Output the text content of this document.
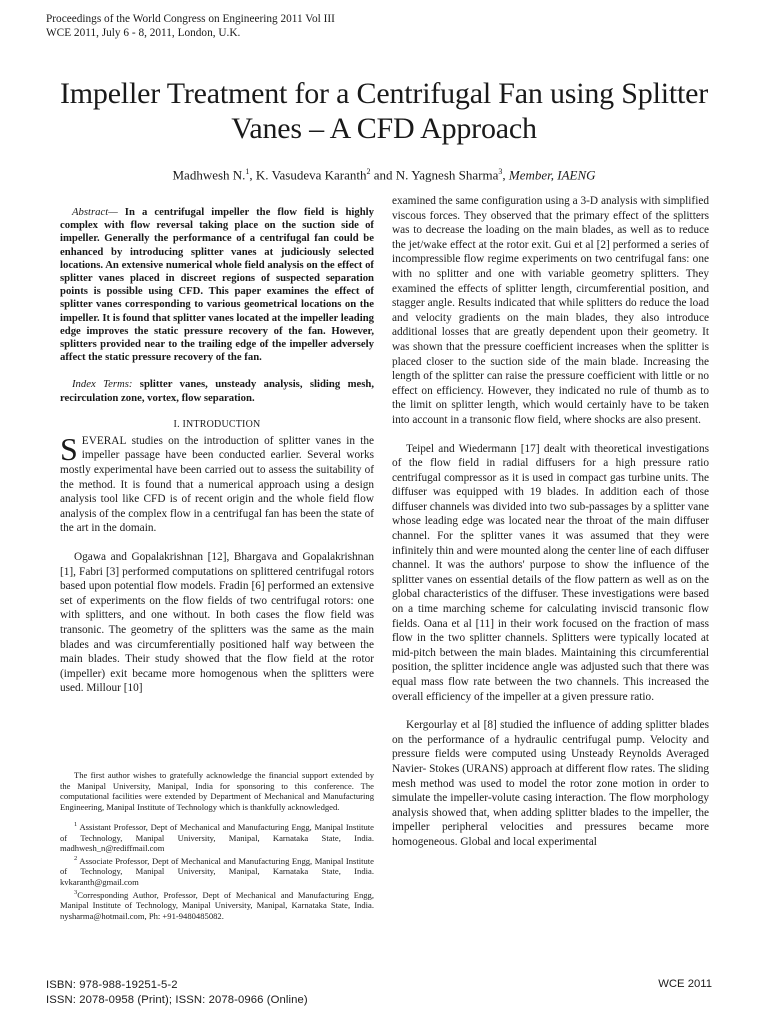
Proceedings of the World Congress on Engineering 2011 Vol III
WCE 2011, July 6 - 8, 2011, London, U.K.
Impeller Treatment for a Centrifugal Fan using Splitter Vanes – A CFD Approach
Madhwesh N.$^1$, K. Vasudeva Karanth$^2$ and N. Yagnesh Sharma$^3$, Member, IAENG

Abstract— In a centrifugal impeller the flow field is highly complex with flow reversal taking place on the suction side of impeller. Generally the performance of a centrifugal fan could be enhanced by introducing splitter vanes at judiciously selected locations. An extensive numerical whole field analysis on the effect of splitter vanes placed in discreet regions of suspected separation points is possible using CFD. This paper examines the effect of splitter vanes corresponding to various geometrical locations on the impeller. It is found that splitter vanes located at the impeller leading edge improves the static pressure recovery of the fan. However, splitters provided near to the trailing edge of the impeller adversely affect the static pressure recovery of the fan.

Index Terms: splitter vanes, unsteady analysis, sliding mesh, recirculation zone, vortex, flow separation.

I. INTRODUCTION

SEVERAL studies on the introduction of splitter vanes in the impeller passage have been conducted earlier. Several works mostly experimental have been carried out to assess the suitability of the method. It is found that a numerical approach using a design analysis tool like CFD is of recent origin and the whole field flow analysis of the complex flow in a centrifugal fan has been the state of the art in the domain.

Ogawa and Gopalakrishnan [12], Bhargava and Gopalakrishnan [1], Fabri [3] performed computations on splittered centrifugal rotors based upon potential flow models. Fradin [6] performed an extensive set of experiments on the flow fields of two centrifugal rotors: one with splitters, and one without. In both cases the flow field was transonic. The geometry of the splitters was the same as the main blades and was circumferentially positioned half way between the main blades. Their study showed that the flow field at the rotor (impeller) exit became more homogenous when the splitters were used. Millour [10]

The first author wishes to gratefully acknowledge the financial support extended by the Manipal University, Manipal, India for sponsoring to this conference. The computational facilities were extended by Department of Mechanical and Manufacturing Engineering, Manipal Institute of Technology which is thankfully acknowledged.

$^1$ Assistant Professor, Dept of Mechanical and Manufacturing Engg, Manipal Institute of Technology, Manipal University, Manipal, Karnataka State, India. madhwesh_n@rediffmail.com

$^2$ Associate Professor, Dept of Mechanical and Manufacturing Engg, Manipal Institute of Technology, Manipal University, Manipal, Karnataka State, India. kvkaranth@gmail.com

$^3$Corresponding Author, Professor, Dept of Mechanical and Manufacturing Engg, Manipal Institute of Technology, Manipal University, Manipal, Karnataka State, India. nysharma@hotmail.com, Ph: +91-9480485082.

examined the same configuration using a 3-D analysis with simplified viscous forces. They observed that the primary effect of the splitters was to decrease the loading on the main blades, as well as to reduce the jet/wake effect at the rotor exit. Gui et al [2] performed a series of incompressible flow regime experiments on two centrifugal fans: one with no splitter and one with variable geometry splitters. They examined the effects of splitter length, circumferential position, and stagger angle. Results indicated that while splitters do reduce the load and velocity gradients on the main blades, they also introduce additional losses that are greatly dependent upon their geometry. It was shown that the pressure coefficient increases when the splitter is placed closer to the suction side of the main blade. Increasing the length of the splitter can raise the pressure coefficient with little or no effect on efficiency. However, they indicated no rule of thumb as to the limit on splitter length, which would certainly have to be taken into account in a transonic flow field, where shocks are also present.

Teipel and Wiedermann [17] dealt with theoretical investigations of the flow field in radial diffusers for a high pressure ratio centrifugal compressor as it is used in compact gas turbine units. The diffuser was equipped with 19 blades. In addition each of those diffuser channels was divided into two sub-passages by a splitter vane whose leading edge was located near the throat of the main diffuser channel. For the splitter vanes it was assumed that they were infinitely thin and were mounted along the center line of each diffuser channel. It was the authors' purpose to show the influence of the splitter vanes on essential details of the flow pattern as well as on the global characteristics of the diffuser. These investigations were based on a time marching scheme for calculating inviscid transonic flow fields. Oana et al [11] in their work focused on the fraction of mass flow in the two splitter channels. Splitters were typically located at mid-pitch between the main blades. Maintaining this circumferential position, the splitter incidence angle was adjusted such that there was equal mass flow rate between the two channels. This increased the overall efficiency of the impeller at a given pressure ratio.

Kergourlay et al [8] studied the influence of adding splitter blades on the performance of a hydraulic centrifugal pump. Velocity and pressure fields were computed using Unsteady Reynolds Averaged Navier- Stokes (URANS) approach at different flow rates. The sliding mesh method was used to model the rotor zone motion in order to simulate the impeller-volute casing interaction. The flow morphology analysis showed that, when adding splitter blades to the impeller, the impeller peripheral velocities and pressures became more homogeneous. Global and local experimental

ISBN: 978-988-19251-5-2
ISSN: 2078-0958 (Print); ISSN: 2078-0966 (Online)
WCE 2011
